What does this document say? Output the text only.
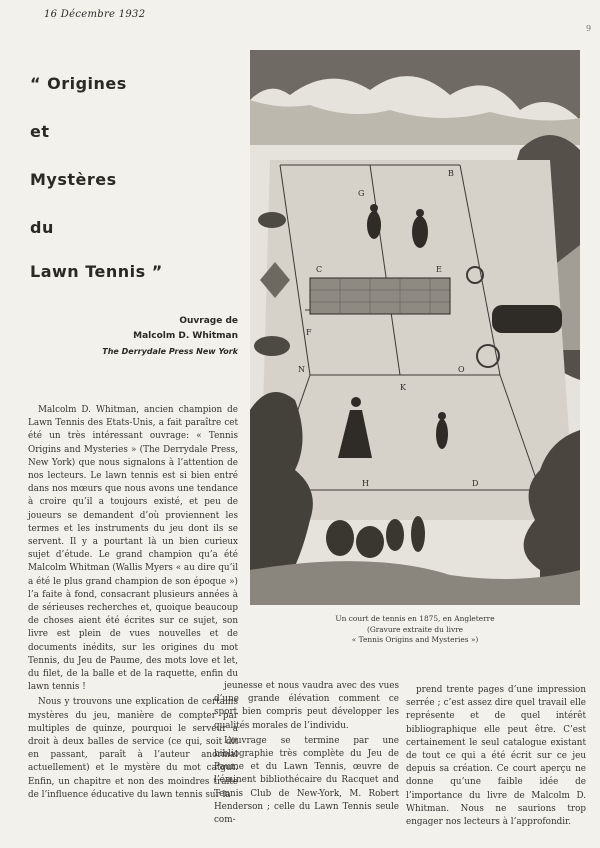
16 Décembre 1932
9
“ Origines
et
Mystères
du
Lawn Tennis ”
Ouvrage de
Malcolm D. Whitman
The Derrydale Press New York
G
B
C	E
F
N	O
K
H	D
Un court de tennis en 1875, en Angleterre (Gravure extraite du livre
« Tennis Origins and Mysteries »)

Malcolm D. Whitman, ancien champion de Lawn Tennis des Etats-Unis, a fait paraître cet été un très intéressant ouvrage: « Tennis Origins and Mysteries » (The Derrydale Press, New York) que nous signalons à l’attention de nos lecteurs. Le lawn tennis est si bien entré dans nos mœurs que nous avons une tendance à croire qu’il a toujours existé, et peu de joueurs se demandent d’où proviennent les termes et les instruments du jeu dont ils se servent. Il y a pourtant là un bien curieux sujet d’étude. Le grand champion qu’a été Malcolm Whitman (Wallis Myers « au dire qu’il a été le plus grand champion de son époque ») l’a faite à fond, consacrant plusieurs années à de sérieuses recherches et, quoique beaucoup de choses aient été écrites sur ce sujet, son livre est plein de vues nouvelles et de documents inédits, sur les origines du mot Tennis, du Jeu de Paume, des mots love et let, du filet, de la balle et de la raquette, enfin du lawn tennis !

Nous y trouvons une explication de certains mystères du jeu, manière de compter par multiples de quinze, pourquoi le serveur a droit à deux balles de service (ce qui, soit dit en passant, paraît à l’auteur anormal actuellement) et le mystère du mot catgut. Enfin, un chapitre et non des moindres traite de l’influence éducative du lawn tennis sur la

jeunesse et nous vaudra avec des vues d’une grande élévation comment ce sport bien compris peut développer les qualités morales de l’individu.

L’ouvrage se termine par une bibliographie très complète du Jeu de Paume et du Lawn Tennis, œuvre de l’éminent bibliothécaire du Racquet and Tennis Club de New-York, M. Robert Henderson ; celle du Lawn Tennis seule com-

prend trente pages d’une impression serrée ; c’est assez dire quel travail elle représente et de quel intérêt bibliographique elle peut être. C’est certainement le seul catalogue existant de tout ce qui a été écrit sur ce jeu depuis sa création. Ce court aperçu ne donne qu’une faible idée de l’importance du livre de Malcolm D. Whitman. Nous ne saurions trop engager nos lecteurs à l’approfondir.
